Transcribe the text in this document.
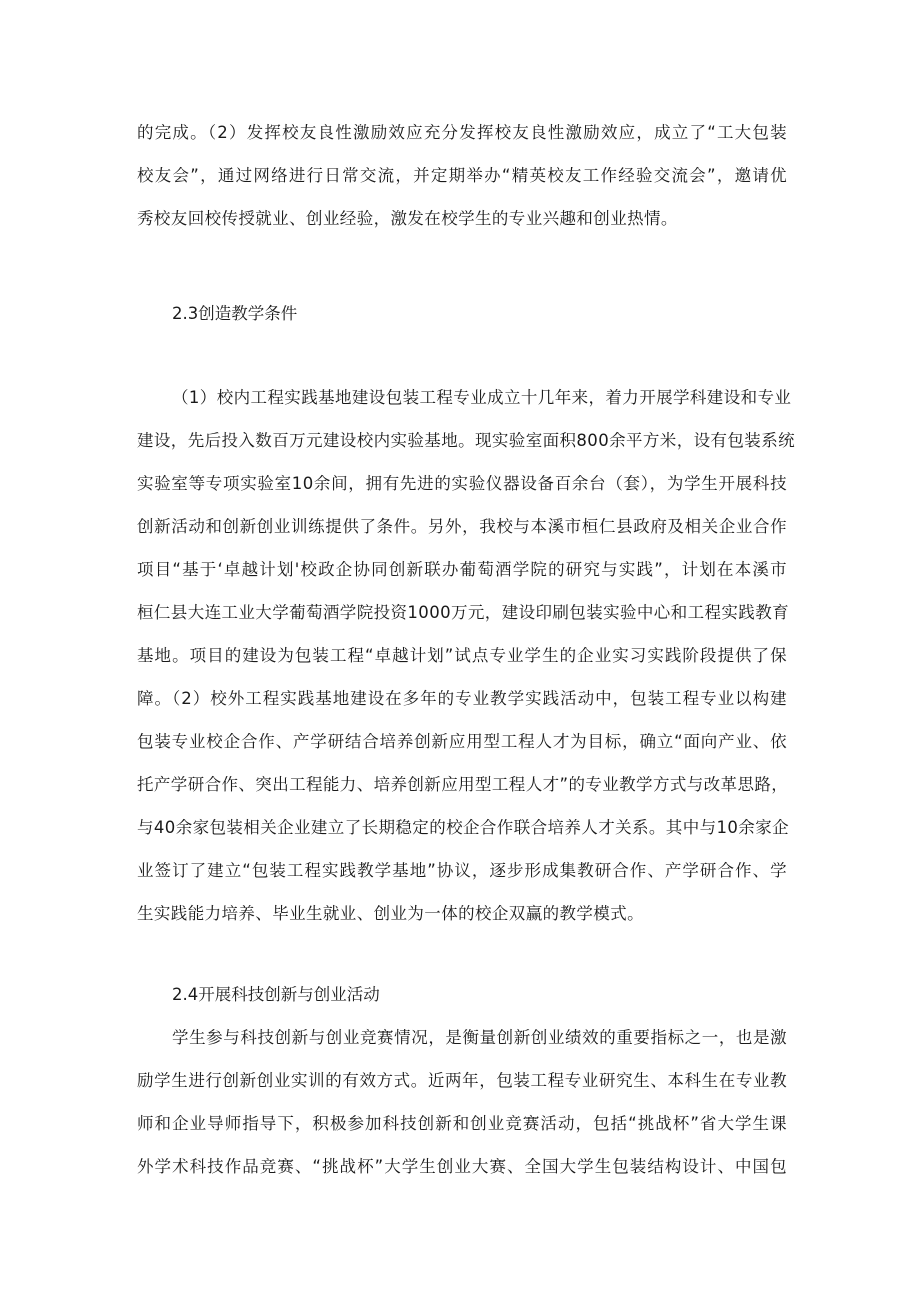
的完成。（2）发挥校友良性激励效应充分发挥校友良性激励效应，成立了“工大包装
校友会”，通过网络进行日常交流，并定期举办“精英校友工作经验交流会”，邀请优
秀校友回校传授就业、创业经验，激发在校学生的专业兴趣和创业热情。
2.3创造教学条件
（1）校内工程实践基地建设包装工程专业成立十几年来，着力开展学科建设和专业
建设，先后投入数百万元建设校内实验基地。现实验室面积800余平方米，设有包装系统
实验室等专项实验室10余间，拥有先进的实验仪器设备百余台（套），为学生开展科技
创新活动和创新创业训练提供了条件。另外，我校与本溪市桓仁县政府及相关企业合作
项目“基于‘卓越计划'校政企协同创新联办葡萄酒学院的研究与实践”，计划在本溪市
桓仁县大连工业大学葡萄酒学院投资1000万元，建设印刷包装实验中心和工程实践教育
基地。项目的建设为包装工程“卓越计划”试点专业学生的企业实习实践阶段提供了保
障。（2）校外工程实践基地建设在多年的专业教学实践活动中，包装工程专业以构建
包装专业校企合作、产学研结合培养创新应用型工程人才为目标，确立“面向产业、依
托产学研合作、突出工程能力、培养创新应用型工程人才”的专业教学方式与改革思路，
与40余家包装相关企业建立了长期稳定的校企合作联合培养人才关系。其中与10余家企
业签订了建立“包装工程实践教学基地”协议，逐步形成集教研合作、产学研合作、学
生实践能力培养、毕业生就业、创业为一体的校企双赢的教学模式。
2.4开展科技创新与创业活动
学生参与科技创新与创业竞赛情况，是衡量创新创业绩效的重要指标之一，也是激
励学生进行创新创业实训的有效方式。近两年，包装工程专业研究生、本科生在专业教
师和企业导师指导下，积极参加科技创新和创业竞赛活动，包括“挑战杯”省大学生课
外学术科技作品竞赛、“挑战杯”大学生创业大赛、全国大学生包装结构设计、中国包
